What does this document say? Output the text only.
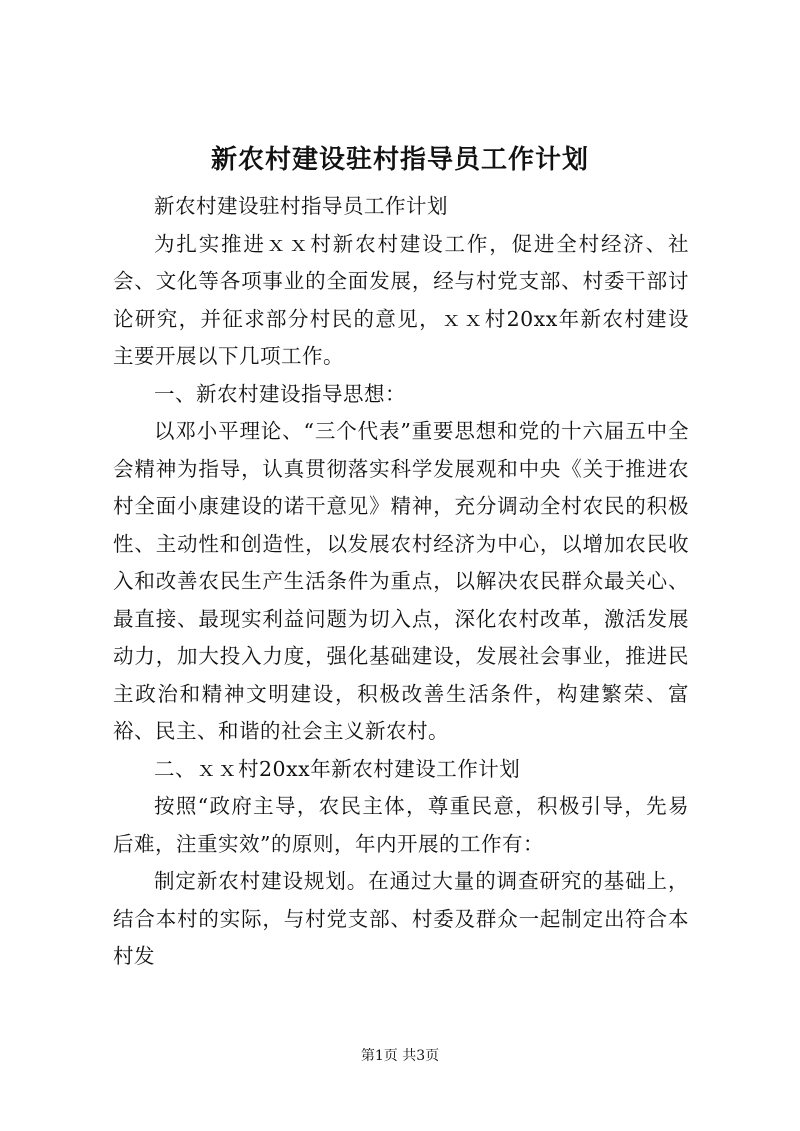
新农村建设驻村指导员工作计划

新农村建设驻村指导员工作计划

为扎实推进ｘｘ村新农村建设工作，促进全村经济、社会、文化等各项事业的全面发展，经与村党支部、村委干部讨论研究，并征求部分村民的意见，ｘｘ村20xx年新农村建设主要开展以下几项工作。

一、新农村建设指导思想：

以邓小平理论、“三个代表”重要思想和党的十六届五中全会精神为指导，认真贯彻落实科学发展观和中央《关于推进农村全面小康建设的诺干意见》精神，充分调动全村农民的积极性、主动性和创造性，以发展农村经济为中心，以增加农民收入和改善农民生产生活条件为重点，以解决农民群众最关心、最直接、最现实利益问题为切入点，深化农村改革，激活发展动力，加大投入力度，强化基础建设，发展社会事业，推进民主政治和精神文明建设，积极改善生活条件，构建繁荣、富裕、民主、和谐的社会主义新农村。

二、ｘｘ村20xx年新农村建设工作计划

按照“政府主导，农民主体，尊重民意，积极引导，先易后难，注重实效”的原则，年内开展的工作有：

制定新农村建设规划。在通过大量的调查研究的基础上，结合本村的实际，与村党支部、村委及群众一起制定出符合本村发

第1页 共3页
